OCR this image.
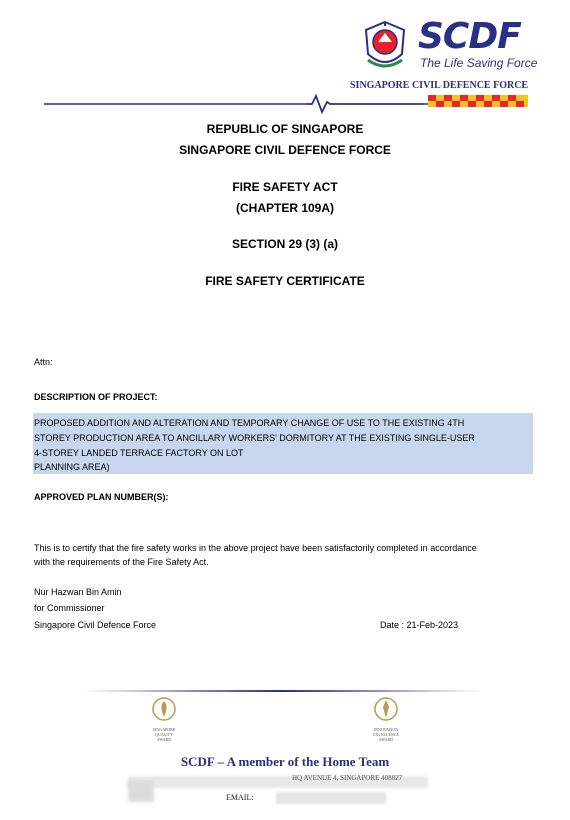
SCDF
The Life Saving Force
SINGAPORE CIVIL DEFENCE FORCE
REPUBLIC OF SINGAPORE
SINGAPORE CIVIL DEFENCE FORCE
FIRE SAFETY ACT
(CHAPTER 109A)
SECTION 29 (3) (a)
FIRE SAFETY CERTIFICATE
Attn:
DESCRIPTION OF PROJECT:
PROPOSED ADDITION AND ALTERATION AND TEMPORARY CHANGE OF USE TO THE EXISTING 4TH
STOREY PRODUCTION AREA TO ANCILLARY WORKERS' DORMITORY AT THE EXISTING SINGLE-USER
4-STOREY LANDED TERRACE FACTORY ON LOT
PLANNING AREA)
APPROVED PLAN NUMBER(S):
This is to certify that the fire safety works in the above project have been satisfactorily completed in accordance
with the requirements of the Fire Safety Act.
Nur Hazwan Bin Amin
for Commissioner
Singapore Civil Defence Force	Date : 21-Feb-2023
SINGAPORE
QUALITY
AWARD
INNOVATION
EXCELLENCE
AWARD
SCDF – A member of the Home Team
HQ AVENUE 4, SINGAPORE 408827
EMAIL:
